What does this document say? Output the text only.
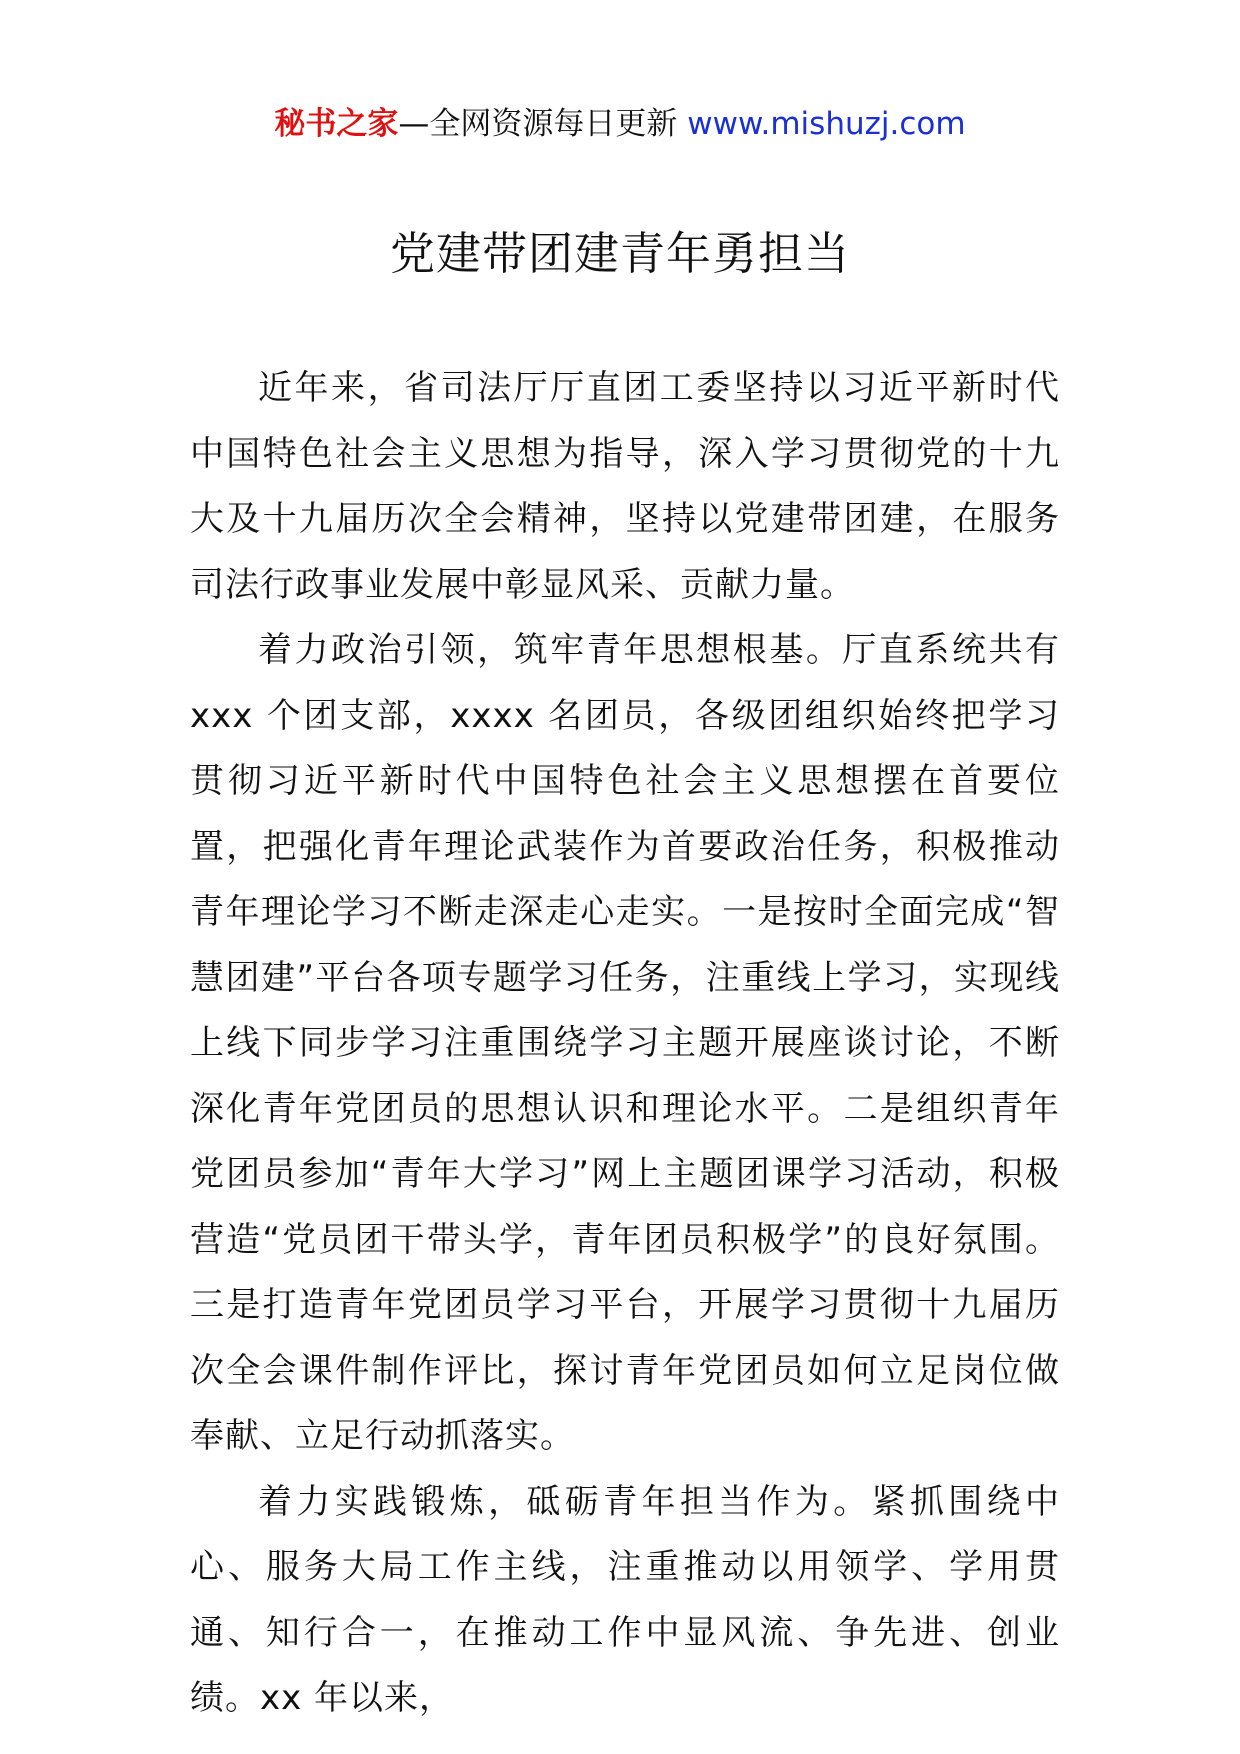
秘书之家—全网资源每日更新 www.mishuzj.com
党建带团建青年勇担当

近年来，省司法厅厅直团工委坚持以习近平新时代中国特色社会主义思想为指导，深入学习贯彻党的十九大及十九届历次全会精神，坚持以党建带团建，在服务司法行政事业发展中彰显风采、贡献力量。

着力政治引领，筑牢青年思想根基。厅直系统共有 xxx 个团支部，xxxx 名团员，各级团组织始终把学习贯彻习近平新时代中国特色社会主义思想摆在首要位置，把强化青年理论武装作为首要政治任务，积极推动青年理论学习不断走深走心走实。一是按时全面完成“智慧团建”平台各项专题学习任务，注重线上学习，实现线上线下同步学习注重围绕学习主题开展座谈讨论，不断深化青年党团员的思想认识和理论水平。二是组织青年党团员参加“青年大学习”网上主题团课学习活动，积极营造“党员团干带头学，青年团员积极学”的良好氛围。三是打造青年党团员学习平台，开展学习贯彻十九届历次全会课件制作评比，探讨青年党团员如何立足岗位做奉献、立足行动抓落实。

着力实践锻炼，砥砺青年担当作为。紧抓围绕中心、服务大局工作主线，注重推动以用领学、学用贯通、知行合一，在推动工作中显风流、争先进、创业绩。xx 年以来，
